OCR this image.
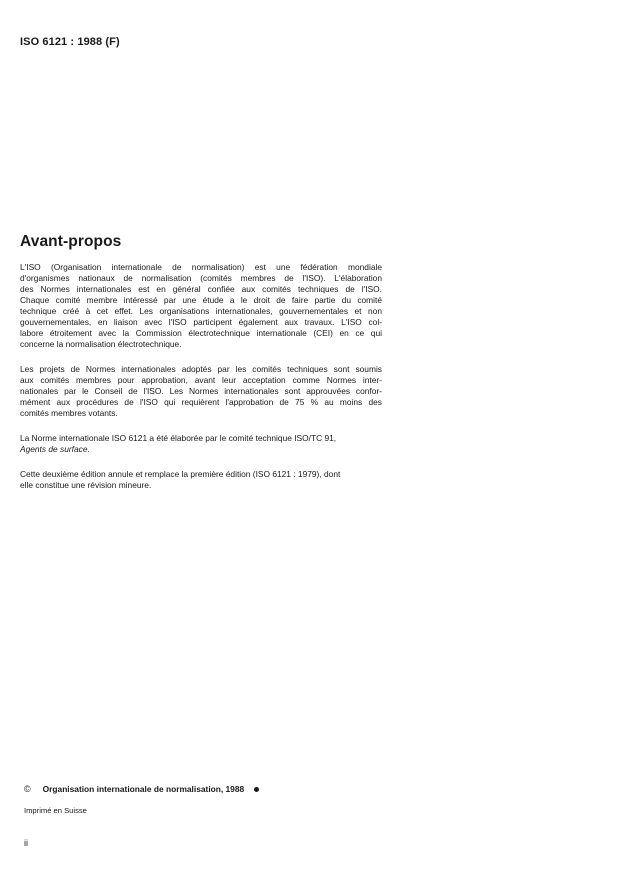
ISO 6121 : 1988 (F)
Avant-propos

L'ISO (Organisation internationale de normalisation) est une fédération mondiale
d'organismes nationaux de normalisation (comités membres de l'ISO). L'élaboration
des Normes internationales est en général confiée aux comités techniques de l'ISO.
Chaque comité membre intéressé par une étude a le droit de faire partie du comité
technique créé à cet effet. Les organisations internationales, gouvernementales et non
gouvernementales, en liaison avec l'ISO participent également aux travaux. L'ISO col-
labore étroitement avec la Commission électrotechnique internationale (CEI) en ce qui
concerne la normalisation électrotechnique.

Les projets de Normes internationales adoptés par les comités techniques sont soumis
aux comités membres pour approbation, avant leur acceptation comme Normes inter-
nationales par le Conseil de l'ISO. Les Normes internationales sont approuvées confor-
mément aux procédures de l'ISO qui requièrent l'approbation de 75 % au moins des
comités membres votants.

La Norme internationale ISO 6121 a été élaborée par le comité technique ISO/TC 91,
Agents de surface.

Cette deuxième édition annule et remplace la première édition (ISO 6121 : 1979), dont
elle constitue une révision mineure.

© Organisation internationale de normalisation, 1988
Imprimé en Suisse
ii
